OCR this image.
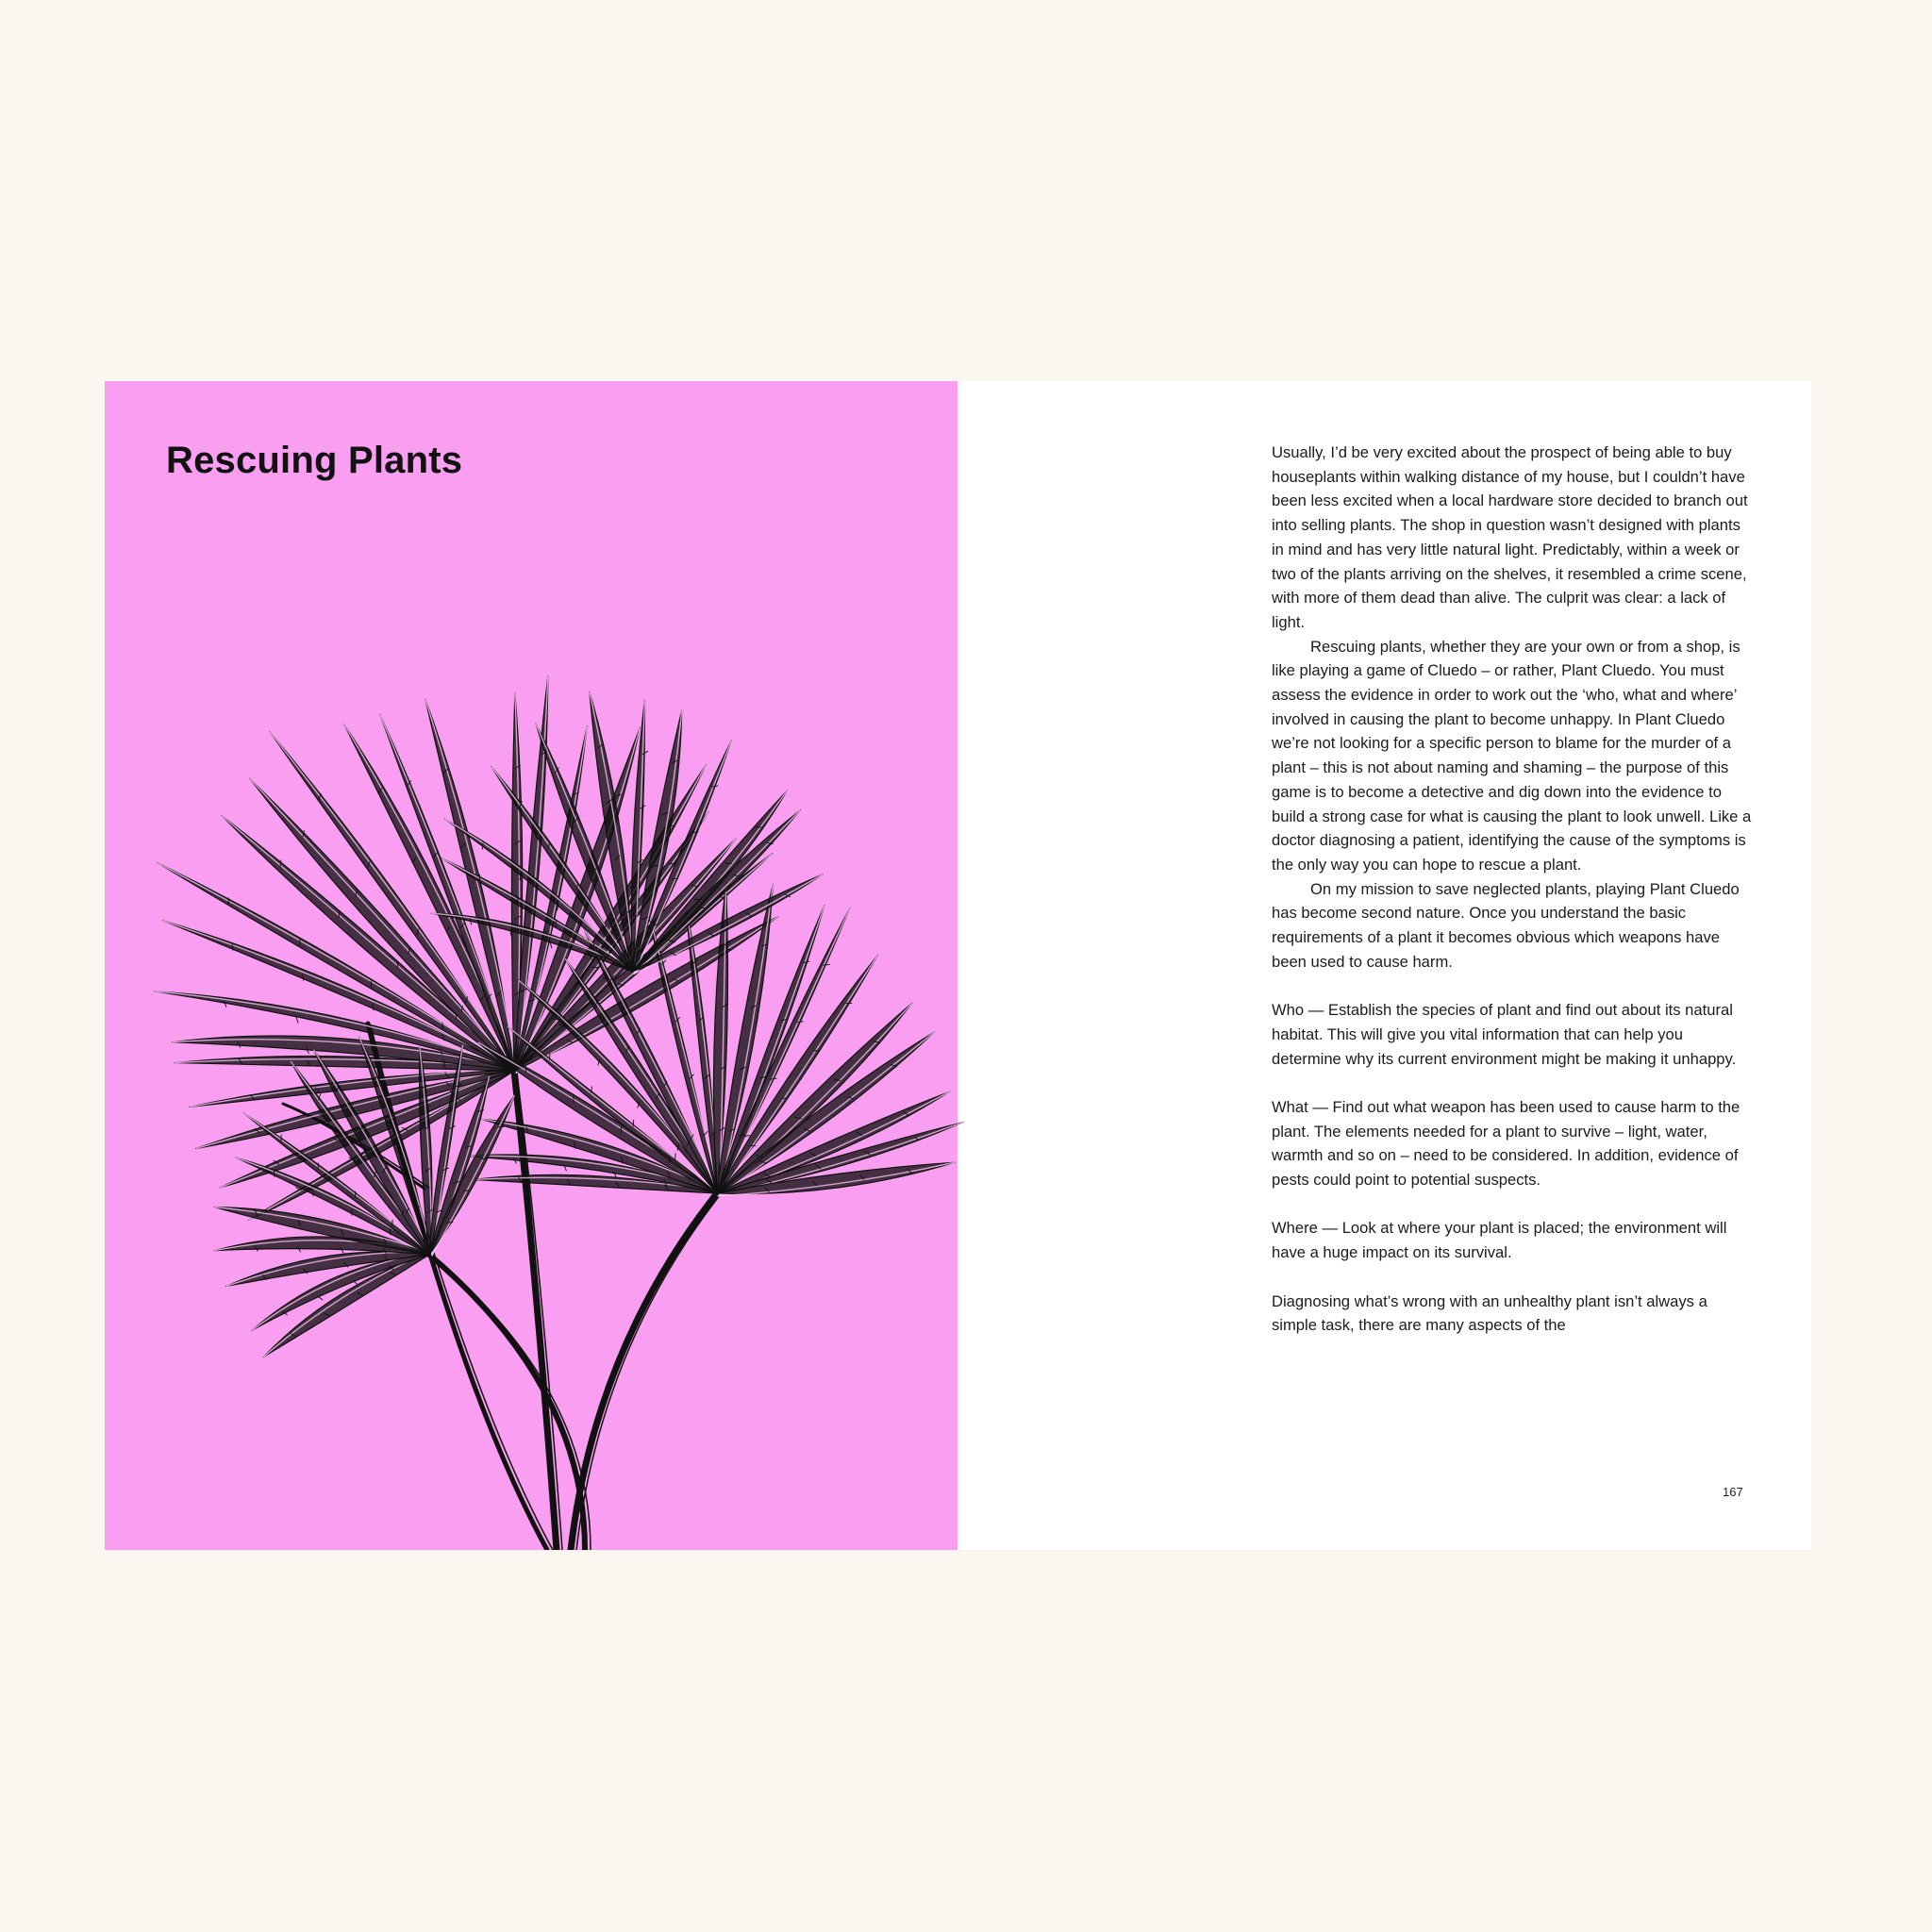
Rescuing Plants	Usually, I’d be very excited about the prospect of being able to buy houseplants within walking distance of my house, but I couldn’t have been less excited when a local hardware store decided to branch out into selling plants. The shop in question wasn’t designed with plants in mind and has very little natural light. Predictably, within a week or two of the plants arriving on the shelves, it resembled a crime scene, with more of them dead than alive. The culprit was clear: a lack of light.

Rescuing plants, whether they are your own or from a shop, is like playing a game of Cluedo – or rather, Plant Cluedo. You must assess the evidence in order to work out the ‘who, what and where’ involved in causing the plant to become unhappy. In Plant Cluedo we’re not looking for a specific person to blame for the murder of a plant – this is not about naming and shaming – the purpose of this game is to become a detective and dig down into the evidence to build a strong case for what is causing the plant to look unwell. Like a doctor diagnosing a patient, identifying the cause of the symptoms is the only way you can hope to rescue a plant.

On my mission to save neglected plants, playing Plant Cluedo has become second nature. Once you understand the basic requirements of a plant it becomes obvious which weapons have been used to cause harm.

Who — Establish the species of plant and find out about its natural habitat. This will give you vital information that can help you determine why its current environment might be making it unhappy.

What — Find out what weapon has been used to cause harm to the plant. The elements needed for a plant to survive – light, water, warmth and so on – need to be considered. In addition, evidence of pests could point to potential suspects.

Where — Look at where your plant is placed; the environment will have a huge impact on its survival.

Diagnosing what’s wrong with an unhealthy plant isn’t always a simple task, there are many aspects of the

167
